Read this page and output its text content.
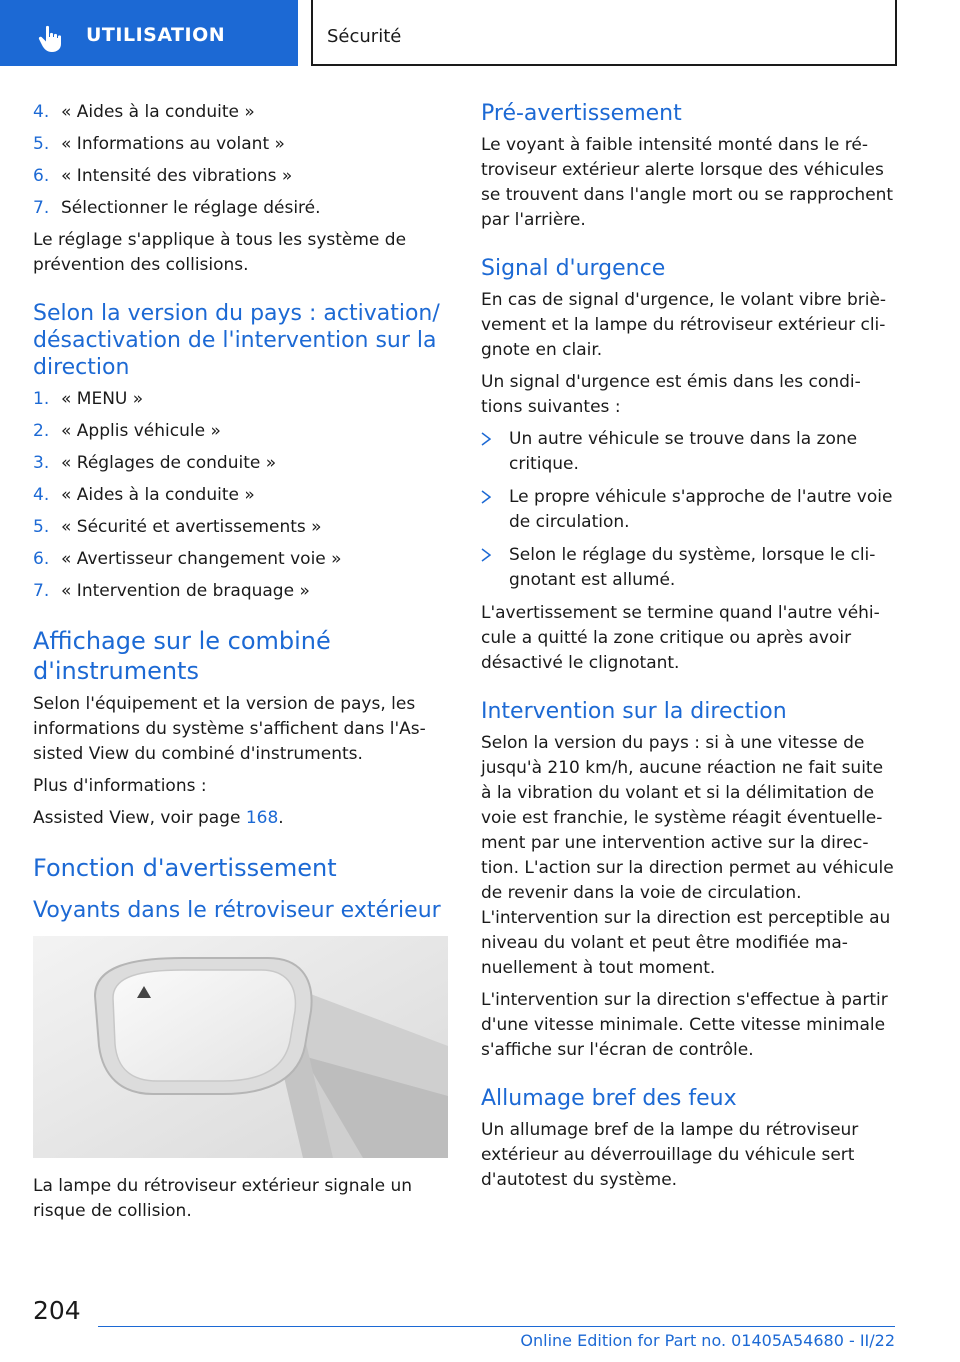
UTILISATION	Sécurité
4. « Aides à la conduite »
5. « Informations au volant »
6. « Intensité des vibrations »
7. Sélectionner le réglage désiré.

Le réglage s'applique à tous les système de prévention des collisions.

Selon la version du pays : activation/ désactivation de l'intervention sur la direction
1. « MENU »
2. « Applis véhicule »
3. « Réglages de conduite »
4. « Aides à la conduite »
5. « Sécurité et avertissements »
6. « Avertisseur changement voie »
7. « Intervention de braquage »
Affichage sur le combiné d'instruments

Selon l'équipement et la version de pays, les informations du système s'affichent dans l'Assisted View du combiné d'instruments.

Plus d'informations :

Assisted View, voir page 168.

Fonction d'avertissement
Voyants dans le rétroviseur extérieur

La lampe du rétroviseur extérieur signale un risque de collision.

Pré-avertissement

Le voyant à faible intensité monté dans le rétroviseur extérieur alerte lorsque des véhicules se trouvent dans l'angle mort ou se rapprochent par l'arrière.

Signal d'urgence

En cas de signal d'urgence, le volant vibre brièvement et la lampe du rétroviseur extérieur clignote en clair.

Un signal d'urgence est émis dans les conditions suivantes :

Un autre véhicule se trouve dans la zone critique.
Le propre véhicule s'approche de l'autre voie de circulation.
Selon le réglage du système, lorsque le clignotant est allumé.

L'avertissement se termine quand l'autre véhicule a quitté la zone critique ou après avoir désactivé le clignotant.

Intervention sur la direction

Selon la version du pays : si à une vitesse de jusqu'à 210 km/h, aucune réaction ne fait suite à la vibration du volant et si la délimitation de voie est franchie, le système réagit éventuellement par une intervention active sur la direction. L'action sur la direction permet au véhicule de revenir dans la voie de circulation. L'intervention sur la direction est perceptible au niveau du volant et peut être modifiée manuellement à tout moment.

L'intervention sur la direction s'effectue à partir d'une vitesse minimale. Cette vitesse minimale s'affiche sur l'écran de contrôle.

Allumage bref des feux

Un allumage bref de la lampe du rétroviseur extérieur au déverrouillage du véhicule sert d'autotest du système.

204
Online Edition for Part no. 01405A54680 - II/22
